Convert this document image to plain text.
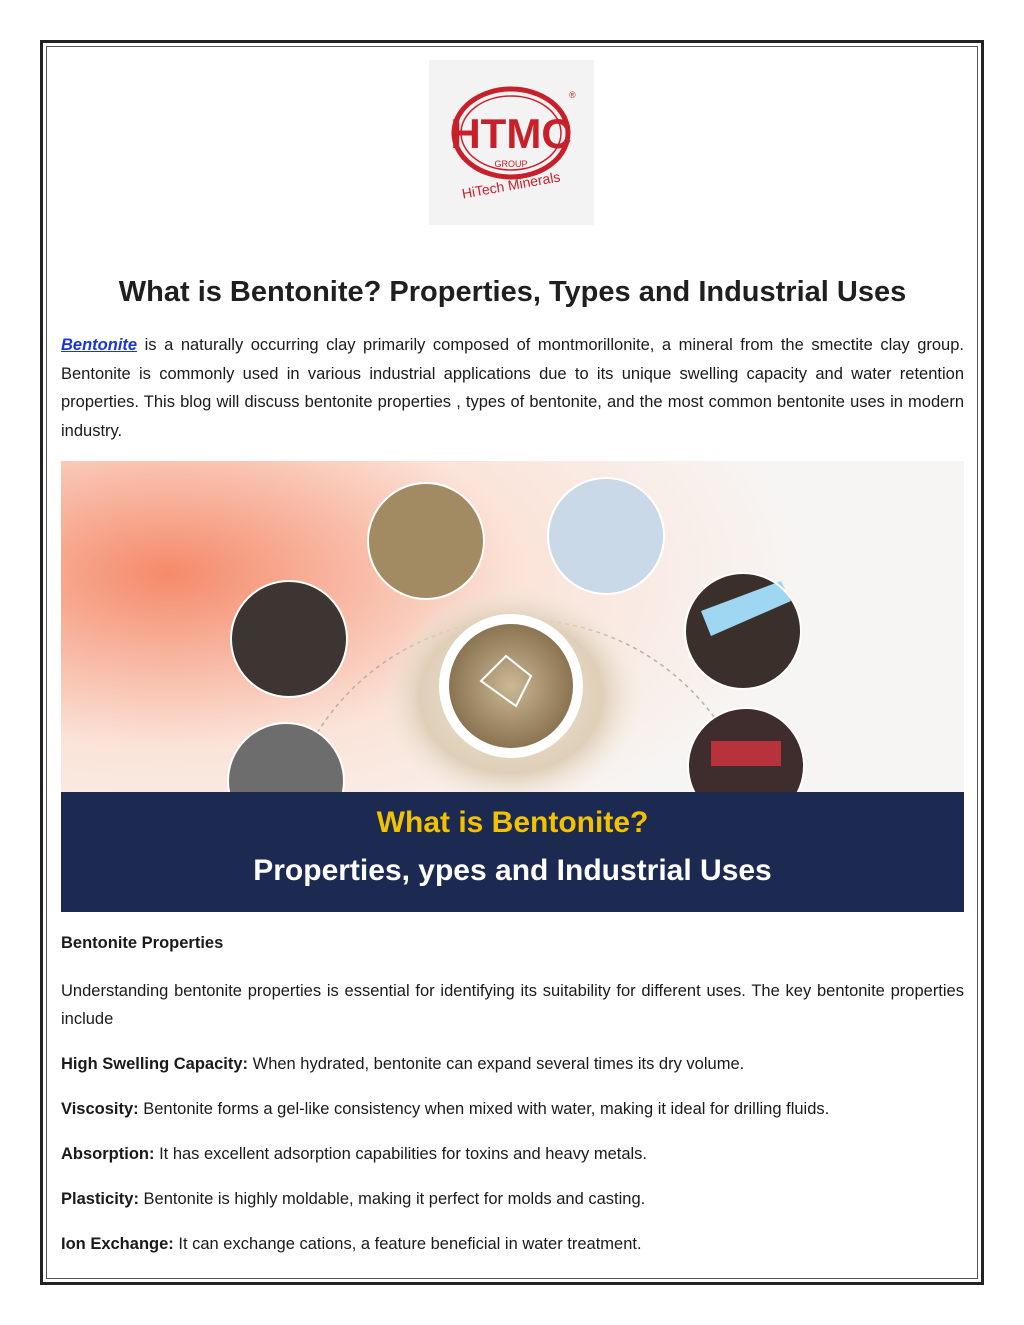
HTMC
GROUP
®
HiTech Minerals
What is Bentonite? Properties, Types and Industrial Uses

Bentonite is a naturally occurring clay primarily composed of montmorillonite, a mineral from the smectite clay group. Bentonite is commonly used in various industrial applications due to its unique swelling capacity and water retention properties. This blog will discuss bentonite properties , types of bentonite, and the most common bentonite uses in modern industry.

What is Bentonite?
Properties, ypes and Industrial Uses
Bentonite Properties

Understanding bentonite properties is essential for identifying its suitability for different uses. The key bentonite properties include

High Swelling Capacity: When hydrated, bentonite can expand several times its dry volume.

Viscosity: Bentonite forms a gel-like consistency when mixed with water, making it ideal for drilling fluids.

Absorption: It has excellent adsorption capabilities for toxins and heavy metals.

Plasticity: Bentonite is highly moldable, making it perfect for molds and casting.

Ion Exchange: It can exchange cations, a feature beneficial in water treatment.
